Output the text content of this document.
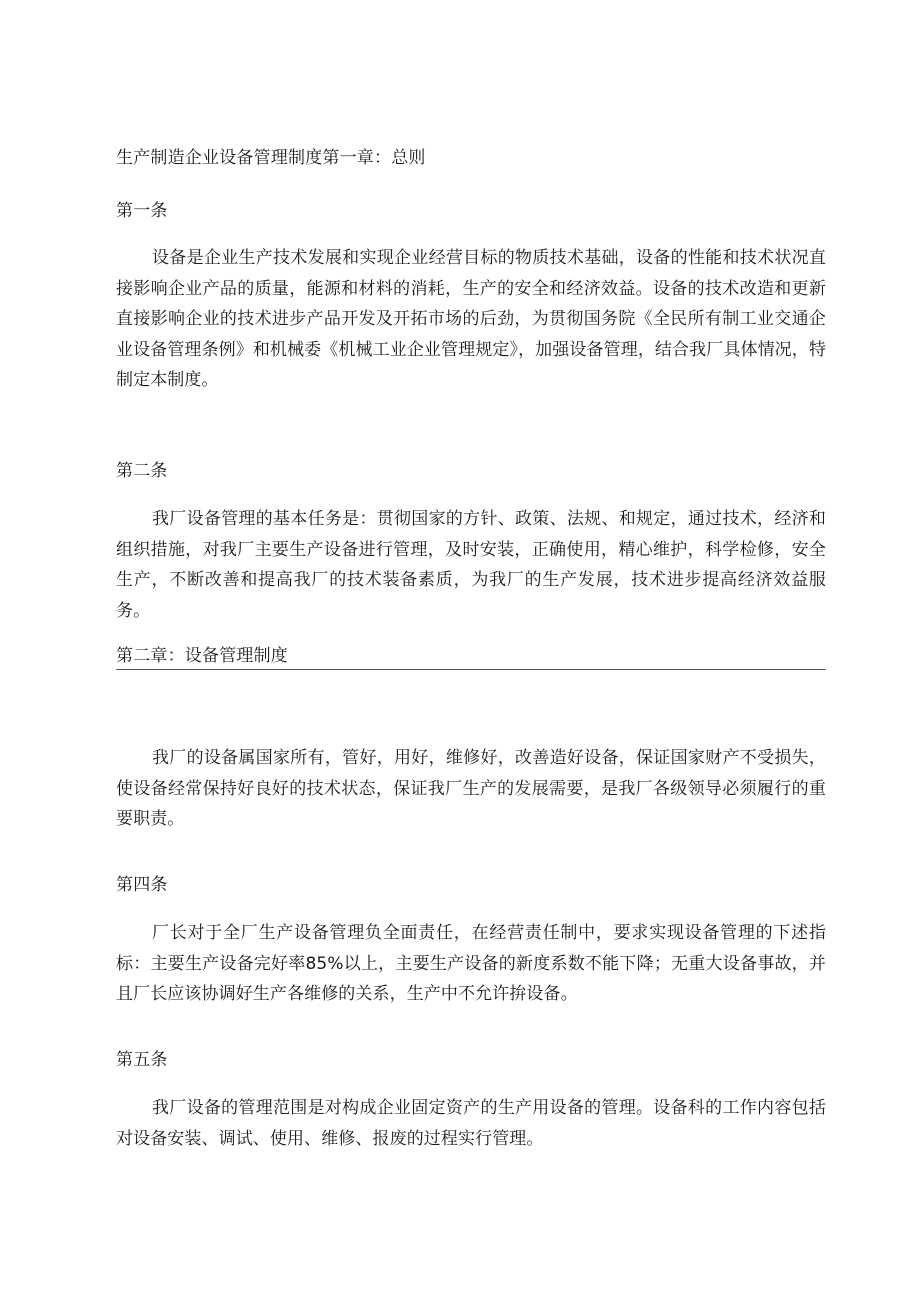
生产制造企业设备管理制度第一章：总则
第一条
设备是企业生产技术发展和实现企业经营目标的物质技术基础，设备的性能和技术状况直接影响企业产品的质量，能源和材料的消耗，生产的安全和经济效益。设备的技术改造和更新直接影响企业的技术进步产品开发及开拓市场的后劲，为贯彻国务院《全民所有制工业交通企业设备管理条例》和机械委《机械工业企业管理规定》，加强设备管理，结合我厂具体情况，特制定本制度。
第二条
我厂设备管理的基本任务是：贯彻国家的方针、政策、法规、和规定，通过技术，经济和组织措施，对我厂主要生产设备进行管理，及时安装，正确使用，精心维护，科学检修，安全生产，不断改善和提高我厂的技术装备素质，为我厂的生产发展，技术进步提高经济效益服务。
第二章：设备管理制度
我厂的设备属国家所有，管好，用好，维修好，改善造好设备，保证国家财产不受损失，使设备经常保持好良好的技术状态，保证我厂生产的发展需要，是我厂各级领导必须履行的重要职责。
第四条
厂长对于全厂生产设备管理负全面责任，在经营责任制中，要求实现设备管理的下述指标：主要生产设备完好率85%以上，主要生产设备的新度系数不能下降；无重大设备事故，并且厂长应该协调好生产各维修的关系，生产中不允许拚设备。
第五条
我厂设备的管理范围是对构成企业固定资产的生产用设备的管理。设备科的工作内容包括对设备安装、调试、使用、维修、报废的过程实行管理。
